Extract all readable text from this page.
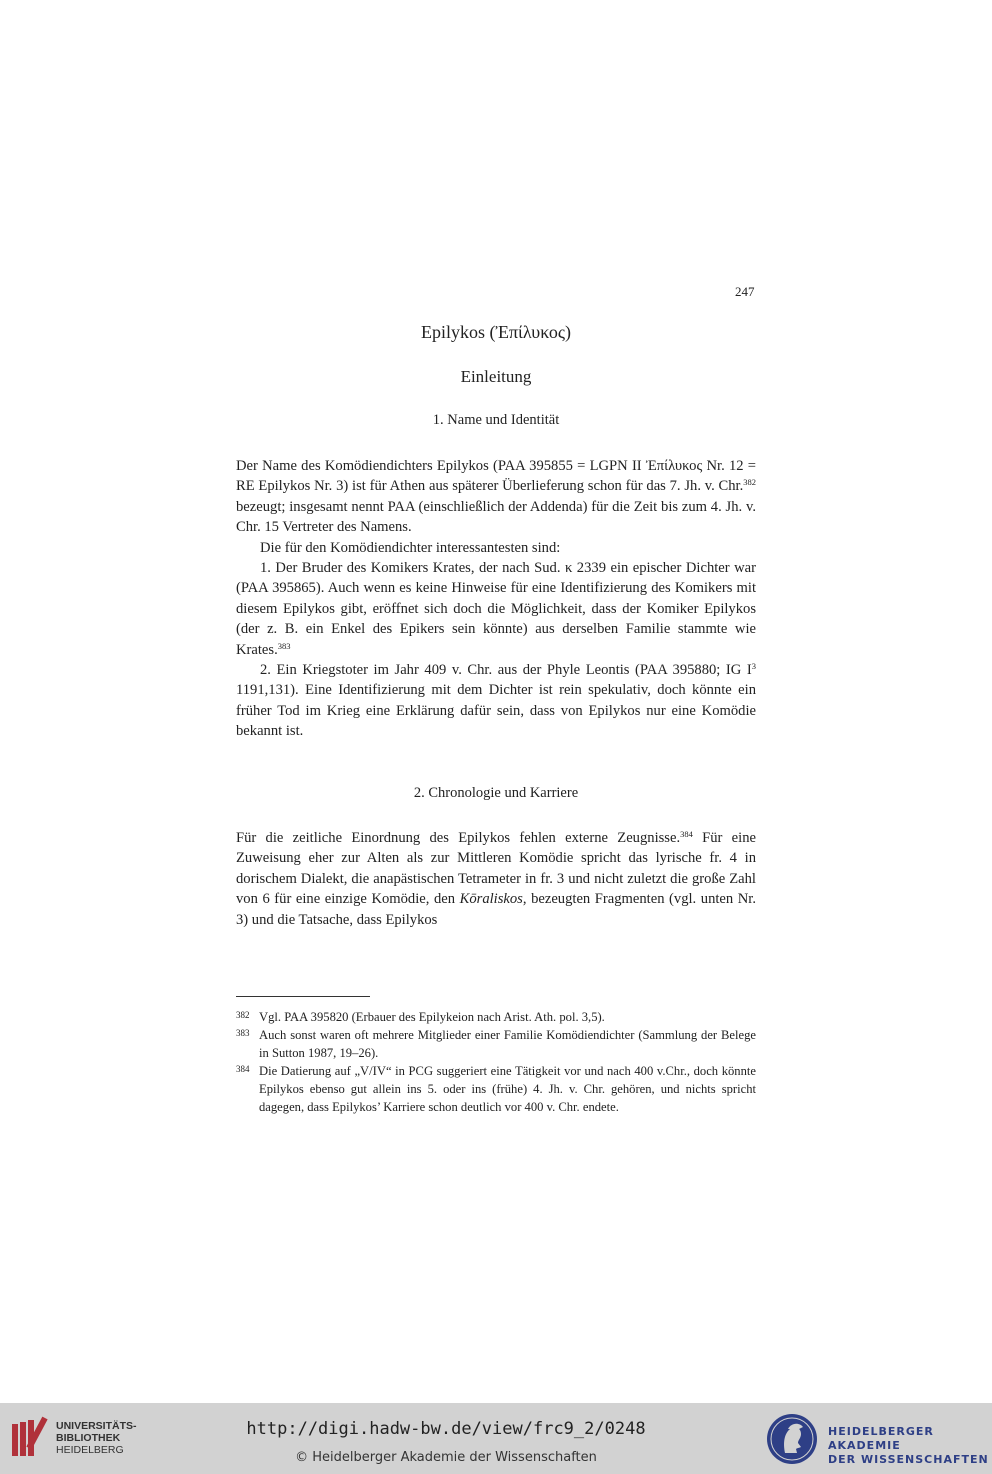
247
Epilykos (Ἐπίλυκος)
Einleitung
1. Name und Identität

Der Name des Komödiendichters Epilykos (PAA 395855 = LGPN II Ἐπίλυκος Nr. 12 = RE Epilykos Nr. 3) ist für Athen aus späterer Überlieferung schon für das 7. Jh. v. Chr.$^{382}$ bezeugt; insgesamt nennt PAA (einschließlich der Addenda) für die Zeit bis zum 4. Jh. v. Chr. 15 Vertreter des Namens.

Die für den Komödiendichter interessantesten sind:

1. Der Bruder des Komikers Krates, der nach Sud. κ 2339 ein epischer Dichter war (PAA 395865). Auch wenn es keine Hinweise für eine Identifizierung des Komikers mit diesem Epilykos gibt, eröffnet sich doch die Möglichkeit, dass der Komiker Epilykos (der z. B. ein Enkel des Epikers sein könnte) aus derselben Familie stammte wie Krates.$^{383}$

2. Ein Kriegstoter im Jahr 409 v. Chr. aus der Phyle Leontis (PAA 395880; IG $I^3$ 1191,131). Eine Identifizierung mit dem Dichter ist rein spekulativ, doch könnte ein früher Tod im Krieg eine Erklärung dafür sein, dass von Epilykos nur eine Komödie bekannt ist.

2. Chronologie und Karriere

Für die zeitliche Einordnung des Epilykos fehlen externe Zeugnisse.$^{384}$ Für eine Zuweisung eher zur Alten als zur Mittleren Komödie spricht das lyrische fr. 4 in dorischem Dialekt, die anapästischen Tetrameter in fr. 3 und nicht zuletzt die große Zahl von 6 für eine einzige Komödie, den Kōraliskos, bezeugten Fragmenten (vgl. unten Nr. 3) und die Tatsache, dass Epilykos

382 Vgl. PAA 395820 (Erbauer des Epilykeion nach Arist. Ath. pol. 3,5).
383 Auch sonst waren oft mehrere Mitglieder einer Familie Komödiendichter (Sammlung der Belege in Sutton 1987, 19–26).
384 Die Datierung auf „V/IV“ in PCG suggeriert eine Tätigkeit vor und nach 400 v.Chr., doch könnte Epilykos ebenso gut allein ins 5. oder ins (frühe) 4. Jh. v. Chr. gehören, und nichts spricht dagegen, dass Epilykos’ Karriere schon deutlich vor 400 v. Chr. endete.
UNIVERSITÄTS-
BIBLIOTHEK
HEIDELBERG
http://digi.hadw-bw.de/view/frc9_2/0248
© Heidelberger Akademie der Wissenschaften
HEIDELBERGER AKADEMIE
DER WISSENSCHAFTEN
